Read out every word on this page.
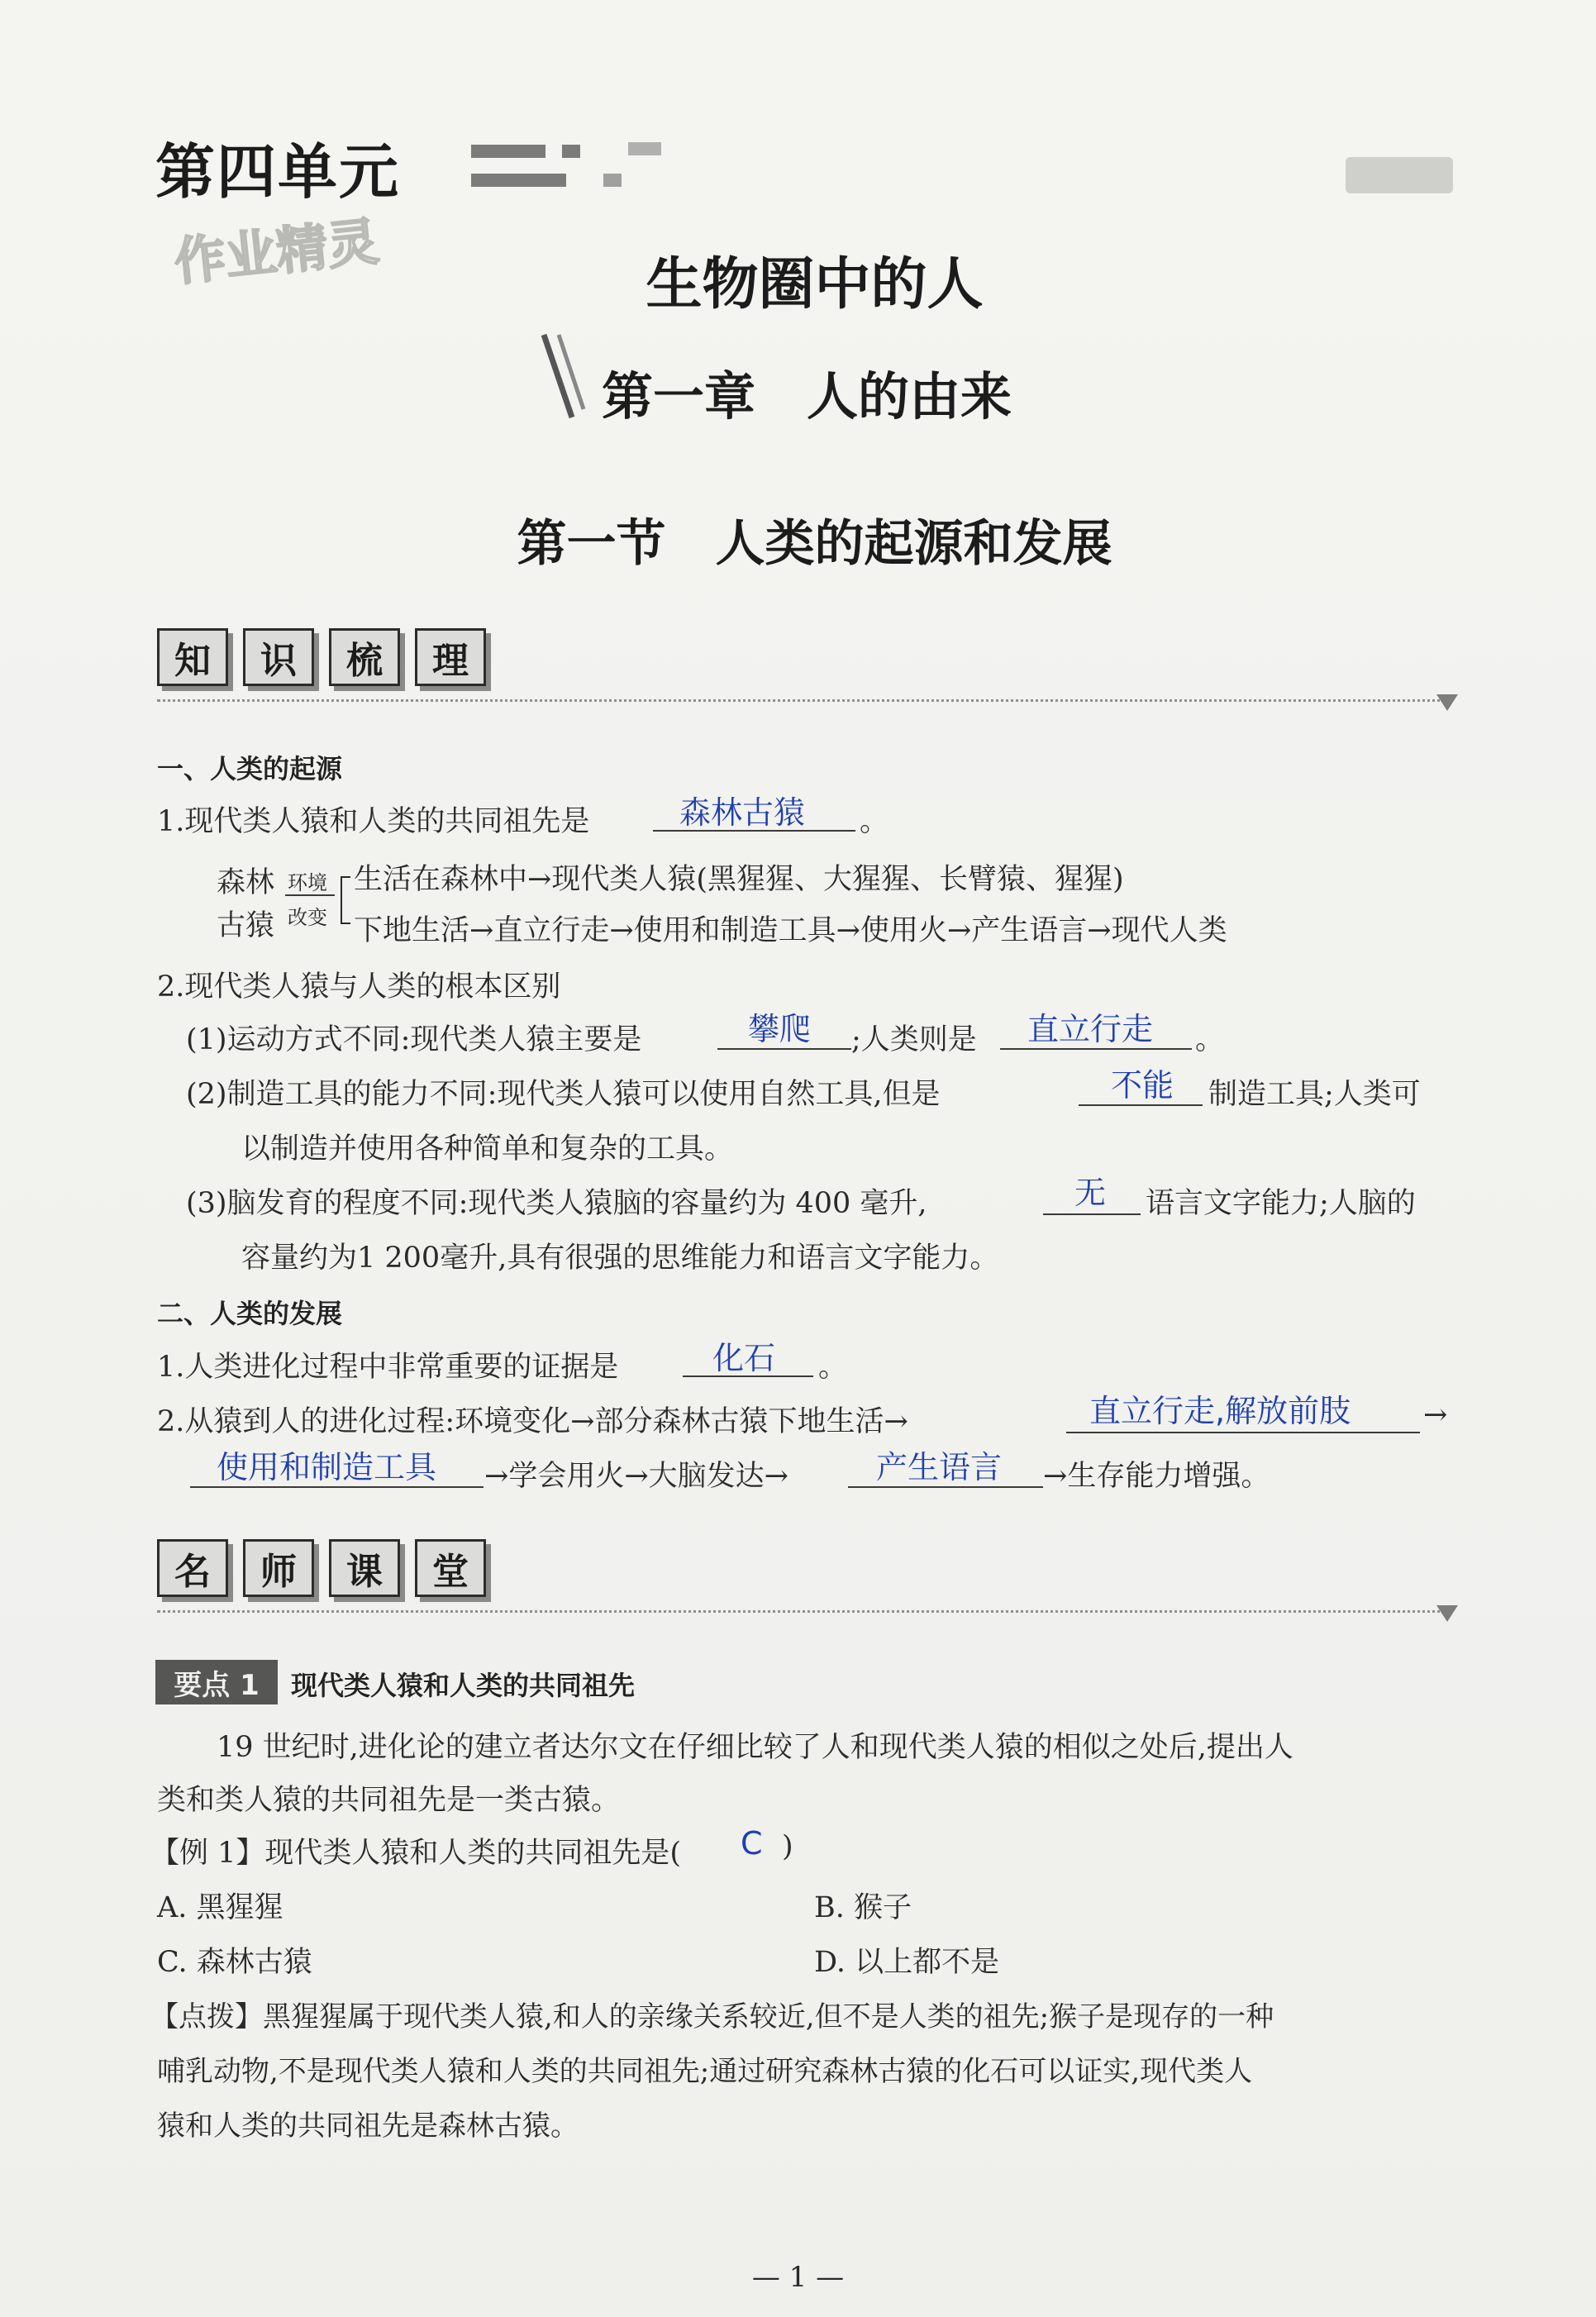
第四单元
作业精灵	生物圈中的人
第一章　人的由来
第一节　人类的起源和发展
知	识	梳	理
一、人类的起源
1.现代类人猿和人类的共同祖先是	森林古猿 。
森林
古猿
环境
改变
生活在森林中→现代类人猿(黑猩猩、大猩猩、长臂猿、猩猩)
下地生活→直立行走→使用和制造工具→使用火→产生语言→现代人类
2.现代类人猿与人类的根本区别
(1)运动方式不同:现代类人猿主要是	攀爬 ;人类则是 直立行走 。
(2)制造工具的能力不同:现代类人猿可以使用自然工具,但是	不能 制造工具;人类可
以制造并使用各种简单和复杂的工具。
(3)脑发育的程度不同:现代类人猿脑的容量约为 400 毫升,	无 语言文字能力;人脑的
容量约为1 200毫升,具有很强的思维能力和语言文字能力。
二、人类的发展
1.人类进化过程中非常重要的证据是	化石 。
2.从猿到人的进化过程:环境变化→部分森林古猿下地生活→	直立行走,解放前肢	→
使用和制造工具 →学会用火→大脑发达→	产生语言 →生存能力增强。
名	师	课	堂
要点 1	现代类人猿和人类的共同祖先
19 世纪时,进化论的建立者达尔文在仔细比较了人和现代类人猿的相似之处后,提出人
类和类人猿的共同祖先是一类古猿。
【例 1】现代类人猿和人类的共同祖先是( C )
A. 黑猩猩	B. 猴子
C. 森林古猿	D. 以上都不是
【点拨】黑猩猩属于现代类人猿,和人的亲缘关系较近,但不是人类的祖先;猴子是现存的一种
哺乳动物,不是现代类人猿和人类的共同祖先;通过研究森林古猿的化石可以证实,现代类人
猿和人类的共同祖先是森林古猿。
— 1 —
